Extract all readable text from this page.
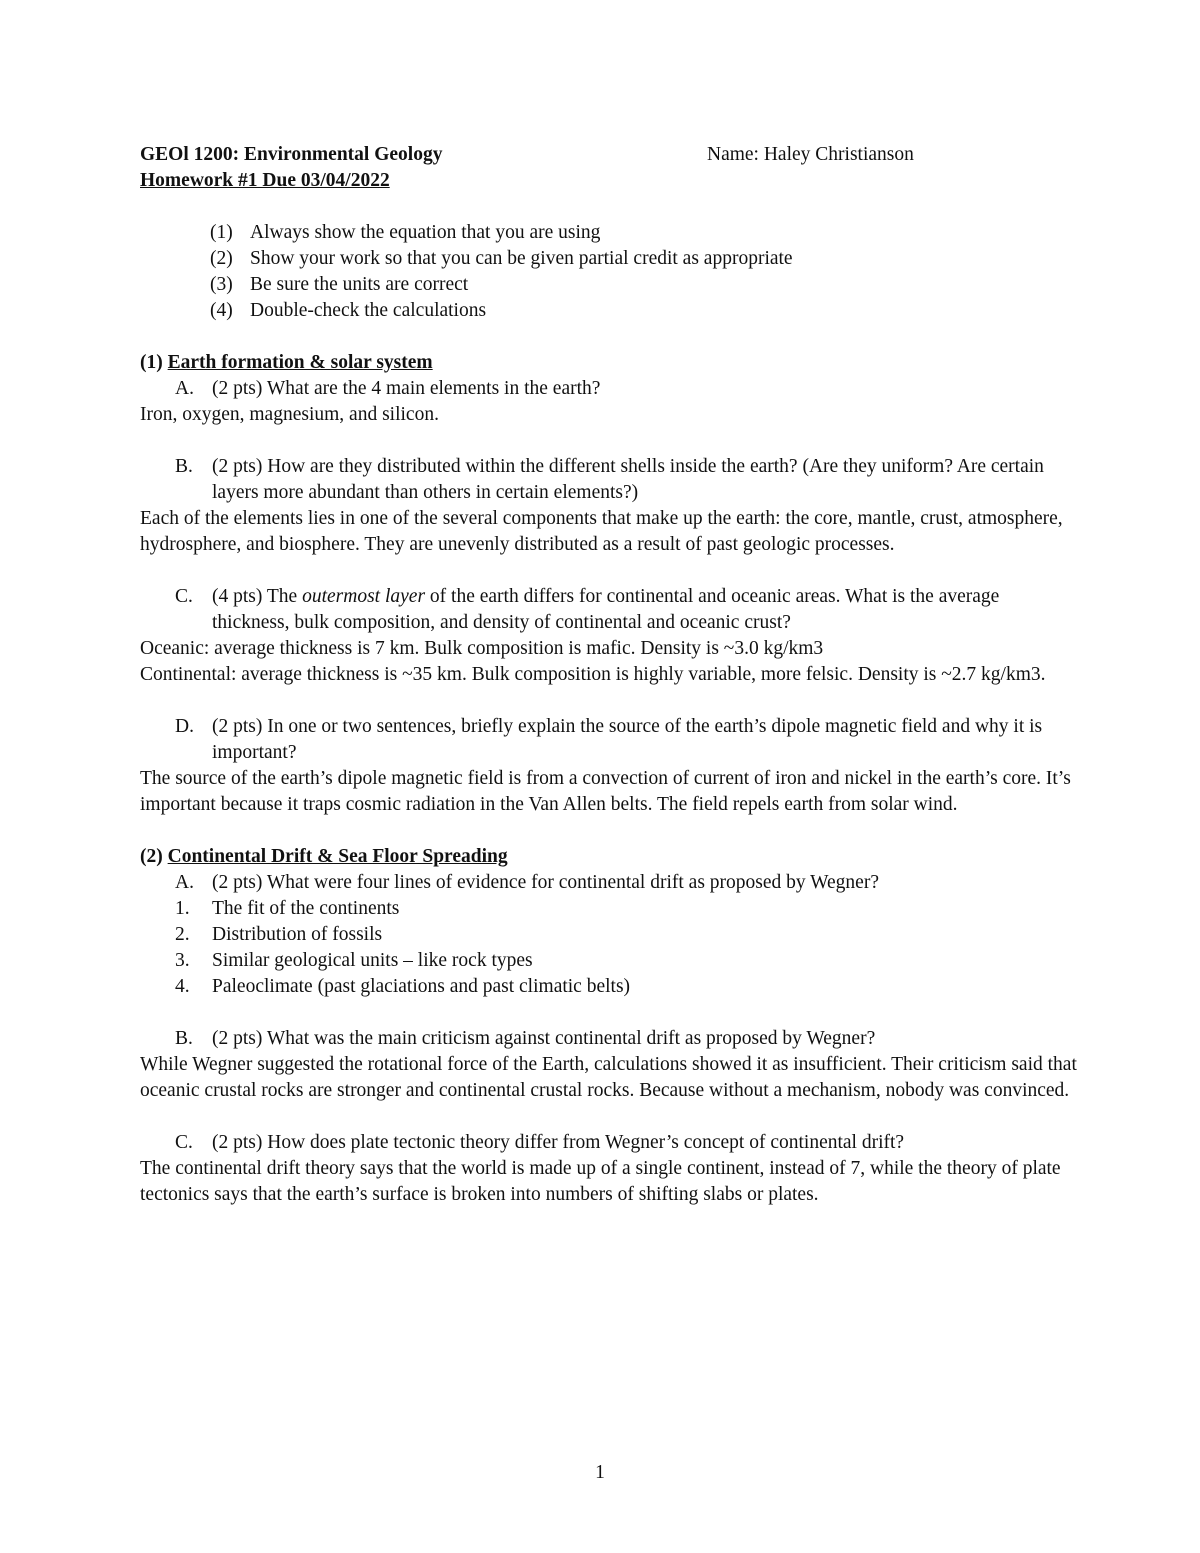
GEOl 1200: Environmental Geology	Name: Haley Christianson
Homework #1 Due 03/04/2022
(1) Always show the equation that you are using
(2) Show your work so that you can be given partial credit as appropriate
(3) Be sure the units are correct
(4) Double-check the calculations
(1) Earth formation & solar system
A. (2 pts) What are the 4 main elements in the earth?
Iron, oxygen, magnesium, and silicon.
B. (2 pts) How are they distributed within the different shells inside the earth? (Are they uniform? Are certain layers more abundant than others in certain elements?)
Each of the elements lies in one of the several components that make up the earth: the core, mantle, crust, atmosphere, hydrosphere, and biosphere. They are unevenly distributed as a result of past geologic processes.
C. (4 pts) The outermost layer of the earth differs for continental and oceanic areas. What is the average thickness, bulk composition, and density of continental and oceanic crust?
Oceanic: average thickness is 7 km. Bulk composition is mafic. Density is ~3.0 kg/km3
Continental: average thickness is ~35 km. Bulk composition is highly variable, more felsic. Density is ~2.7 kg/km3.
D. (2 pts) In one or two sentences, briefly explain the source of the earth’s dipole magnetic field and why it is important?
The source of the earth’s dipole magnetic field is from a convection of current of iron and nickel in the earth’s core. It’s important because it traps cosmic radiation in the Van Allen belts. The field repels earth from solar wind.
(2) Continental Drift & Sea Floor Spreading
A. (2 pts) What were four lines of evidence for continental drift as proposed by Wegner?
1. The fit of the continents
2. Distribution of fossils
3. Similar geological units – like rock types
4. Paleoclimate (past glaciations and past climatic belts)
B. (2 pts) What was the main criticism against continental drift as proposed by Wegner?
While Wegner suggested the rotational force of the Earth, calculations showed it as insufficient. Their criticism said that oceanic crustal rocks are stronger and continental crustal rocks. Because without a mechanism, nobody was convinced.
C. (2 pts) How does plate tectonic theory differ from Wegner’s concept of continental drift?
The continental drift theory says that the world is made up of a single continent, instead of 7, while the theory of plate tectonics says that the earth’s surface is broken into numbers of shifting slabs or plates.
1
